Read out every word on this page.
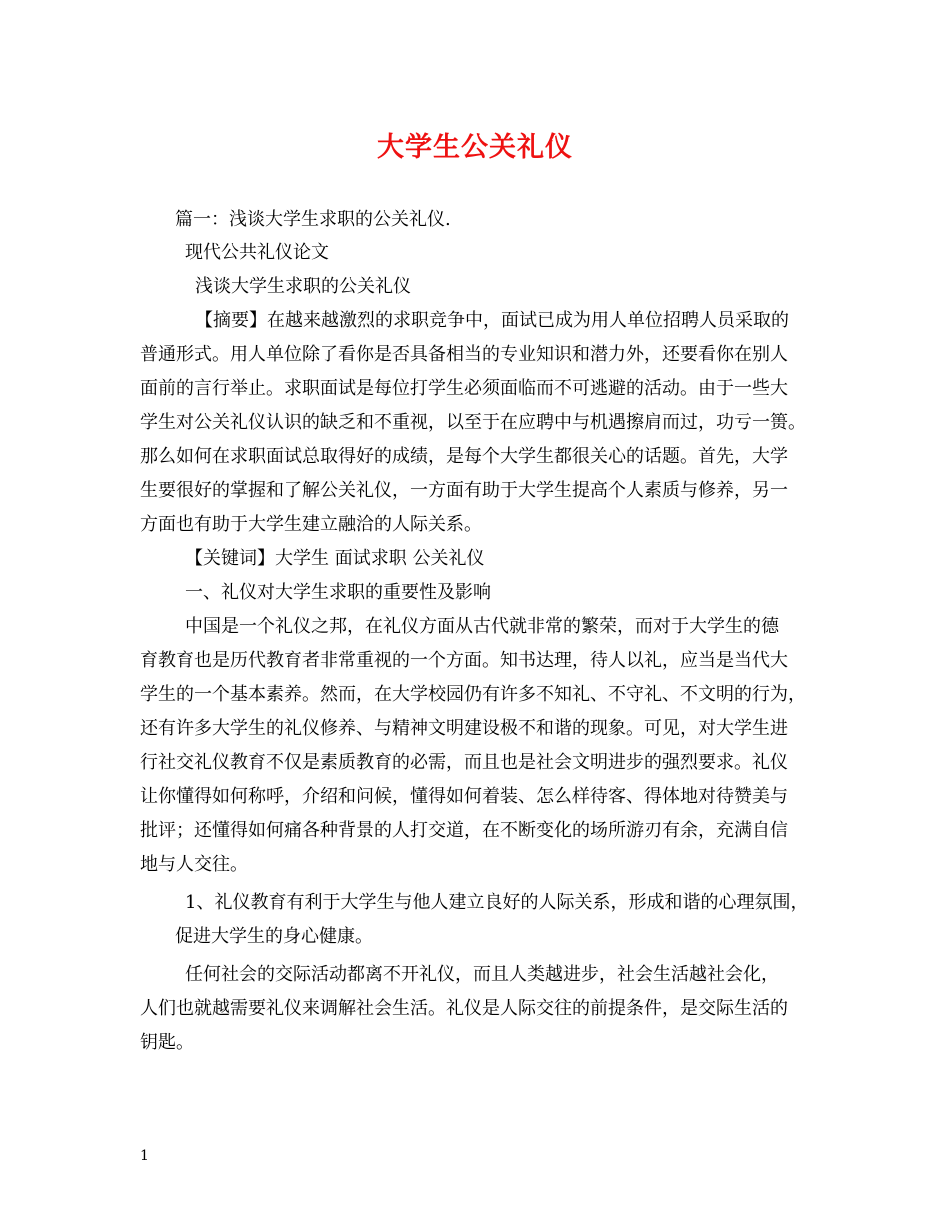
大学生公关礼仪
篇一：浅谈大学生求职的公关礼仪.
现代公共礼仪论文
浅谈大学生求职的公关礼仪
【摘要】在越来越激烈的求职竞争中，面试已成为用人单位招聘人员采取的
普通形式。用人单位除了看你是否具备相当的专业知识和潜力外，还要看你在别人
面前的言行举止。求职面试是每位打学生必须面临而不可逃避的活动。由于一些大
学生对公关礼仪认识的缺乏和不重视，以至于在应聘中与机遇擦肩而过，功亏一篑。
那么如何在求职面试总取得好的成绩，是每个大学生都很关心的话题。首先，大学
生要很好的掌握和了解公关礼仪，一方面有助于大学生提高个人素质与修养，另一
方面也有助于大学生建立融洽的人际关系。
【关键词】大学生 面试求职 公关礼仪
一、礼仪对大学生求职的重要性及影响
中国是一个礼仪之邦，在礼仪方面从古代就非常的繁荣，而对于大学生的德
育教育也是历代教育者非常重视的一个方面。知书达理，待人以礼，应当是当代大
学生的一个基本素养。然而，在大学校园仍有许多不知礼、不守礼、不文明的行为，
还有许多大学生的礼仪修养、与精神文明建设极不和谐的现象。可见，对大学生进
行社交礼仪教育不仅是素质教育的必需，而且也是社会文明进步的强烈要求。礼仪
让你懂得如何称呼，介绍和问候，懂得如何着装、怎么样待客、得体地对待赞美与
批评；还懂得如何痛各种背景的人打交道，在不断变化的场所游刃有余，充满自信
地与人交往。
1、礼仪教育有利于大学生与他人建立良好的人际关系，形成和谐的心理氛围，
促进大学生的身心健康。
任何社会的交际活动都离不开礼仪，而且人类越进步，社会生活越社会化，
人们也就越需要礼仪来调解社会生活。礼仪是人际交往的前提条件，是交际生活的
钥匙。
1
